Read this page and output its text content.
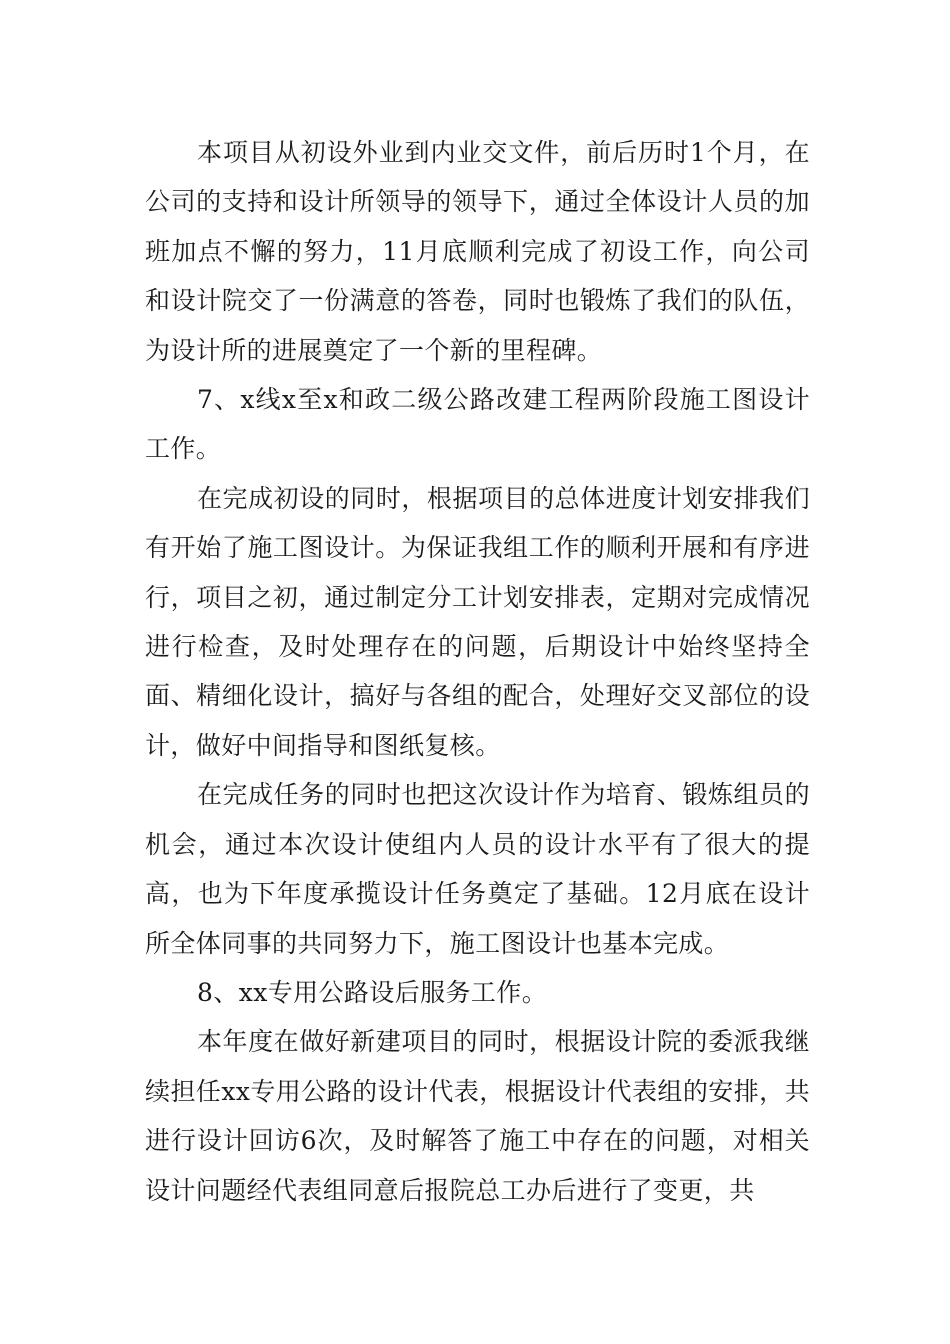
本项目从初设外业到内业交文件，前后历时1个月，在公司的支持和设计所领导的领导下，通过全体设计人员的加班加点不懈的努力，11月底顺利完成了初设工作，向公司和设计院交了一份满意的答卷，同时也锻炼了我们的队伍，为设计所的进展奠定了一个新的里程碑。

7、x线x至x和政二级公路改建工程两阶段施工图设计工作。

在完成初设的同时，根据项目的总体进度计划安排我们有开始了施工图设计。为保证我组工作的顺利开展和有序进行，项目之初，通过制定分工计划安排表，定期对完成情况进行检查，及时处理存在的问题，后期设计中始终坚持全面、精细化设计，搞好与各组的配合，处理好交叉部位的设计，做好中间指导和图纸复核。

在完成任务的同时也把这次设计作为培育、锻炼组员的机会，通过本次设计使组内人员的设计水平有了很大的提高，也为下年度承揽设计任务奠定了基础。12月底在设计所全体同事的共同努力下，施工图设计也基本完成。

8、xx专用公路设后服务工作。

本年度在做好新建项目的同时，根据设计院的委派我继续担任xx专用公路的设计代表，根据设计代表组的安排，共进行设计回访6次，及时解答了施工中存在的问题，对相关设计问题经代表组同意后报院总工办后进行了变更，共
